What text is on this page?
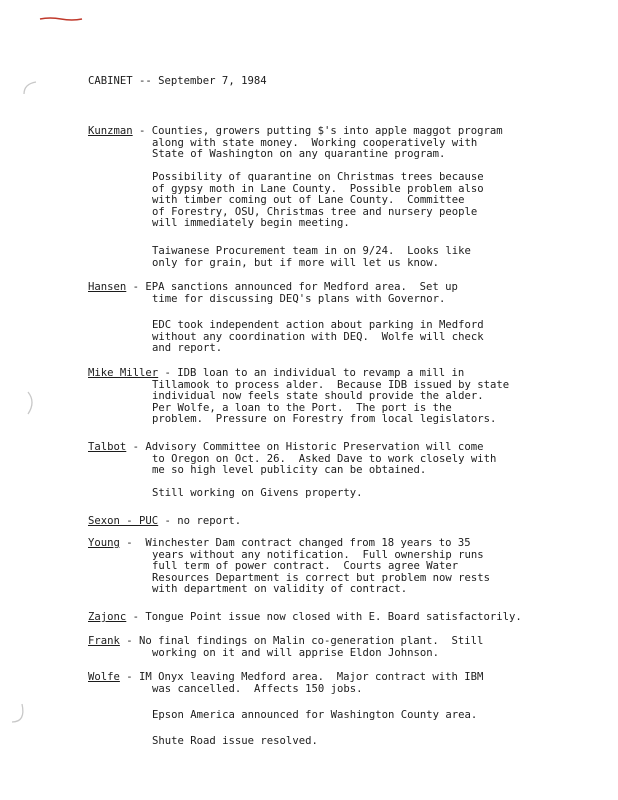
CABINET -- September 7, 1984
Kunzman - Counties, growers putting $'s into apple maggot program
along with state money.  Working cooperatively with
State of Washington on any quarantine program.
Possibility of quarantine on Christmas trees because
of gypsy moth in Lane County.  Possible problem also
with timber coming out of Lane County.  Committee
of Forestry, OSU, Christmas tree and nursery people
will immediately begin meeting.
Taiwanese Procurement team in on 9/24.  Looks like
only for grain, but if more will let us know.
Hansen - EPA sanctions announced for Medford area.  Set up
time for discussing DEQ's plans with Governor.
EDC took independent action about parking in Medford
without any coordination with DEQ.  Wolfe will check
and report.
Mike Miller - IDB loan to an individual to revamp a mill in
Tillamook to process alder.  Because IDB issued by state
individual now feels state should provide the alder.
Per Wolfe, a loan to the Port.  The port is the
problem.  Pressure on Forestry from local legislators.
Talbot - Advisory Committee on Historic Preservation will come
to Oregon on Oct. 26.  Asked Dave to work closely with
me so high level publicity can be obtained.
Still working on Givens property.
Sexon - PUC - no report.
Young -  Winchester Dam contract changed from 18 years to 35
years without any notification.  Full ownership runs
full term of power contract.  Courts agree Water
Resources Department is correct but problem now rests
with department on validity of contract.
Zajonc - Tongue Point issue now closed with E. Board satisfactorily.
Frank - No final findings on Malin co-generation plant.  Still
working on it and will apprise Eldon Johnson.
Wolfe - IM Onyx leaving Medford area.  Major contract with IBM
was cancelled.  Affects 150 jobs.
Epson America announced for Washington County area.
Shute Road issue resolved.
